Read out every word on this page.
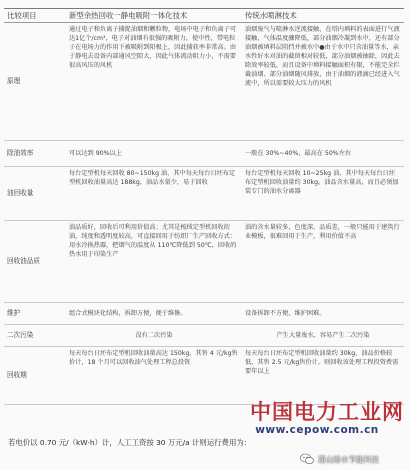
比较项目	新型余热回收一静电吸附一体化技术	传统水喷淋技术
原理	通过电子和负离子捕捉油烟和颗粒物，电场中电子和负离子可达1亿个/cm³，电子对油烟有很强的吸附力，使中性，带电粒子在电场力的作用下被吸附到阳极上，因此捕获率非常高。由于静电去设备内部通风空隙大，因此气体流动阻力小，不需要很高风压的风机	油烟废气与喷淋水逆流接触，在塔内填料的表面进行气液接触，气体温度骤降低，部分油烟冷凝到水中，还有部分油烟被填料层阻挡并被水中●由于水中只含油量等水，亲水性好水对油的截留相对较低，部分油烟被抽除，因此去除效率较低，而且设备中填料接触面积有限，不能完全拦截油烟、部分油烟随风排放，由于油烟的液滴已经进入气流中，所以需要较大压力的风机
除油效率	可以达到 90%以上	一般在 30%~40%，最高在 50%左右
油回收量	每台定型机每天回收 80~150kg 油，其中每天每台日坯布定型机回收油量高达 188kg，油品水量少，易于回收	每台定型机每天回收 10~25kg 油，其中每天每台日坯布定型机回收油量约 30kg，油品含水量高，而且必须加装专门的油水分离器
回收油品质	油品质好，回收后可利用价值高；尤其是梳绒定型机回收的油，纯度和透明度较高，可直接回用于纺织厂生产回收方式：用水冷换热器，把烟气的温度从 110℃降低到 50℃，回收的热水用于印染生产	油的含水量较多，色度深、品质差，一般只能用于建筑行业模板，很难回用于生产，利用价值不高
维护	组合式模块化结构，拆卸方便，便于维修。	设备拆卸不方便，维护困难。
二次污染	没有二次污染	产生大量废水，容易产生二次污染
回收期	每天每台日坯布定型机回收油量高达 150kg，其售 4 元/kg售价计，18 个月可以回收油气处理工程总投资	每天每台日坯布定型机回收油量约 30kg，油品价格较低，其售 2.5 元/kg售价计，则回收该处理工程投资费需要年以上
中国电力工业网
www.cepow.com.cn
若电价以 0.70 元/（kW·h）计，人工工资按 30 万元/a 计则运行费用为：
蒲山绿水节能科技
